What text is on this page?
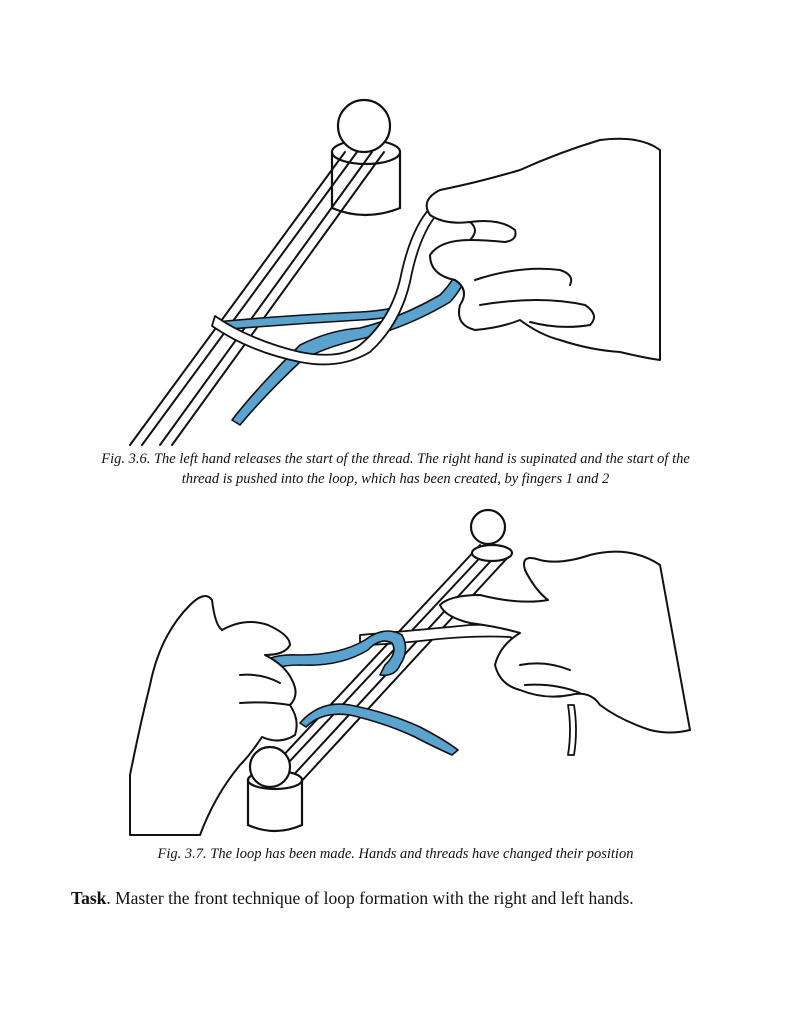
Fig. 3.6. The left hand releases the start of the thread. The right hand is supinated and the start of the
thread is pushed into the loop, which has been created, by fingers 1 and 2
Fig. 3.7. The loop has been made. Hands and threads have changed their position
Task. Master the front technique of loop formation with the right and left hands.
